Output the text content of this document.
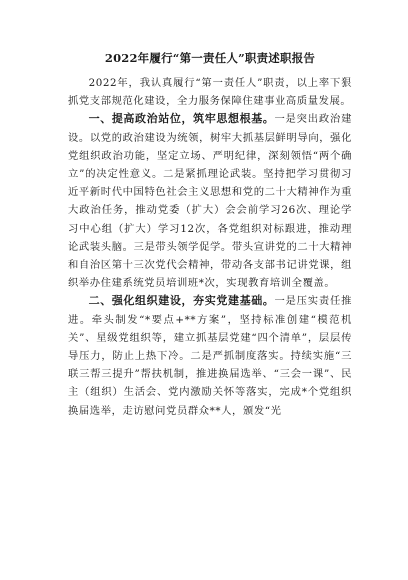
2022年履行“第一责任人”职责述职报告

2022年，我认真履行“第一责任人”职责，以上率下狠抓党支部规范化建设，全力服务保障住建事业高质量发展。

一、提高政治站位，筑牢思想根基。一是突出政治建设。以党的政治建设为统领，树牢大抓基层鲜明导向，强化党组织政治功能，坚定立场、严明纪律，深刻领悟“两个确立”的决定性意义。二是紧抓理论武装。坚持把学习贯彻习近平新时代中国特色社会主义思想和党的二十大精神作为重大政治任务，推动党委（扩大）会会前学习26次、理论学习中心组（扩大）学习12次，各党组织对标跟进，推动理论武装头脑。三是带头领学促学。带头宣讲党的二十大精神和自治区第十三次党代会精神，带动各支部书记讲党课，组织举办住建系统党员培训班*次，实现教育培训全覆盖。

二、强化组织建设，夯实党建基础。一是压实责任推进。牵头制发“*要点+**方案”，坚持标准创建“模范机关”、星级党组织等，建立抓基层党建“四个清单”，层层传导压力，防止上热下冷。二是严抓制度落实。持续实施“三联三帮三提升”帮扶机制，推进换届选举、“三会一课”、民主（组织）生活会、党内激励关怀等落实，完成*个党组织换届选举，走访慰问党员群众**人，颁发“光
